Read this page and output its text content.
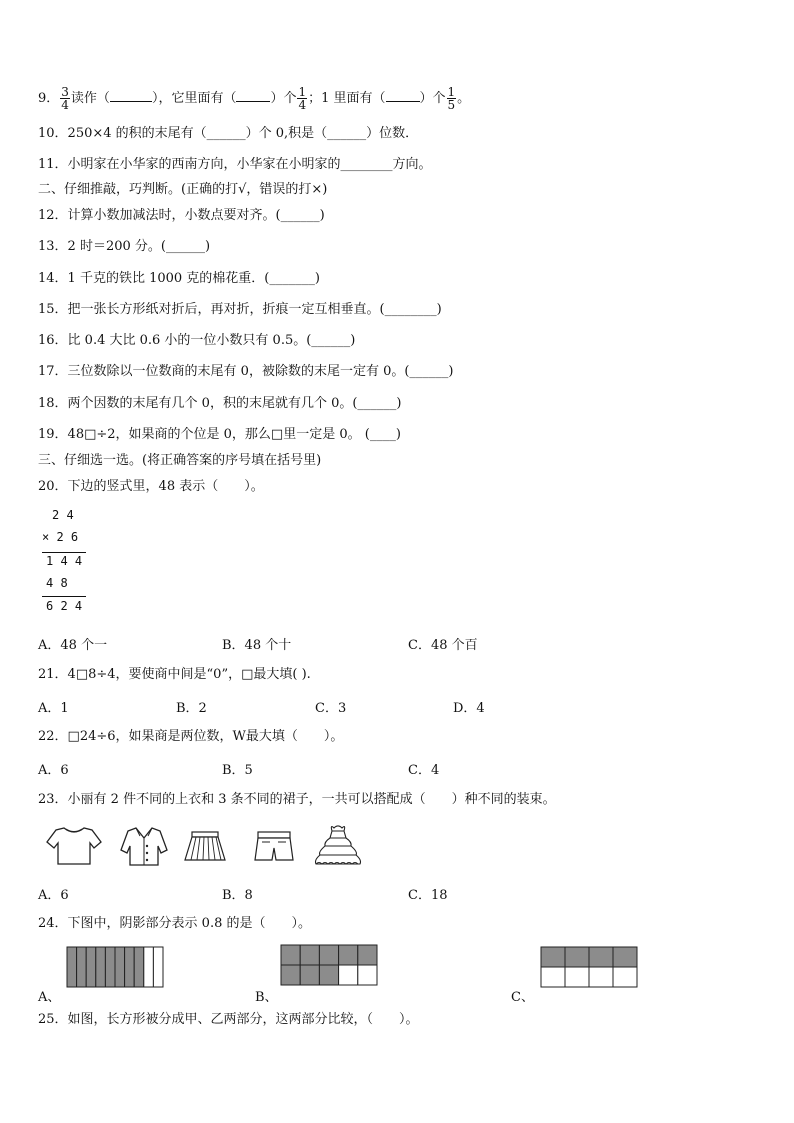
9． $\frac{3}{4}$ 读作（	），它里面有（	）个 $\frac{1}{4}$ ；1 里面有（	）个 $\frac{1}{5}$ 。
10．250×4 的积的末尾有（______）个 0,积是（______）位数．
11．小明家在小华家的西南方向，小华家在小明家的________方向。
二、仔细推敲，巧判断。(正确的打√，错误的打×)
12．计算小数加减法时，小数点要对齐。(______)
13．2 时＝200 分。(______)
14．1 千克的铁比 1000 克的棉花重．(_______)
15．把一张长方形纸对折后，再对折，折痕一定互相垂直。(________)
16．比 0.4 大比 0.6 小的一位小数只有 0.5。(______)
17．三位数除以一位数商的末尾有 0，被除数的末尾一定有 0。(______)
18．两个因数的末尾有几个 0，积的末尾就有几个 0。(______)
19．48□÷2，如果商的个位是 0，那么□里一定是 0。 (____)
三、仔细选一选。(将正确答案的序号填在括号里)
20．下边的竖式里，48 表示（　　）。
2 4
× 2 6
1 4 4
4 8
6 2 4
A．48 个一	B．48 个十	C．48 个百
21．4□8÷4，要使商中间是“0”，□最大填( ).
A．1	B．2	C．3	D．4
22．□24÷6，如果商是两位数，W最大填（　　）。
A．6	B．5	C．4
23．小丽有 2 件不同的上衣和 3 条不同的裙子，一共可以搭配成（　　）种不同的装束。
A．6	B．8	C．18
24．下图中，阴影部分表示 0.8 的是（　　）。
A、	B、	C、
25．如图，长方形被分成甲、乙两部分，这两部分比较，（　　）。
